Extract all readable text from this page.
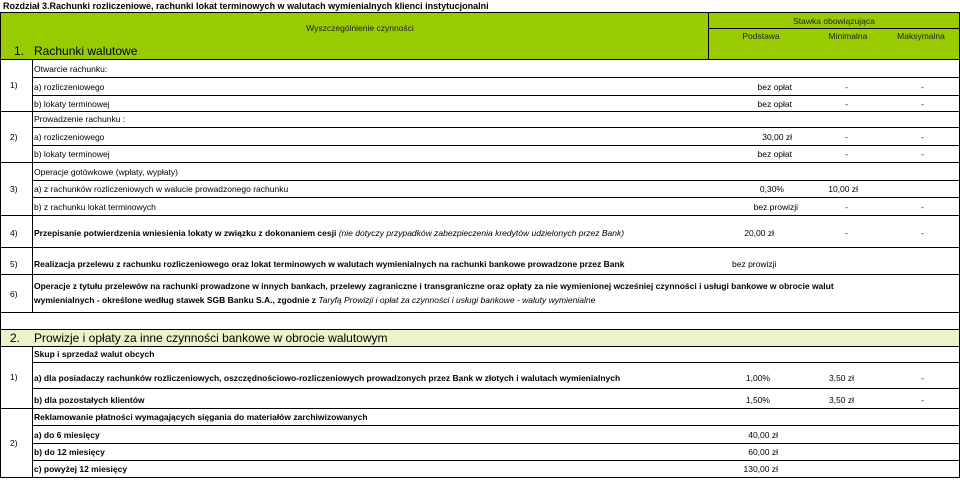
Rozdział 3.Rachunki rozliczeniowe, rachunki lokat terminowych w walutach wymienialnych klienci instytucjonalni
Wyszczególnienie czynności
Stawka obowiązująca
Podstawa	Minimalna	Maksymalna
1. Rachunki walutowe
1)
Otwarcie rachunku:
a) rozliczeniowego	bez opłat	-	-
b) lokaty terminowej	bez opłat	-	-
2)
Prowadzenie rachunku :
a) rozliczeniowego	30,00 zł	-	-
b) lokaty terminowej	bez opłat	-	-
3)
Operacje gotówkowe (wpłaty, wypłaty)
a) z rachunków rozliczeniowych w walucie prowadzonego rachunku	0,30%	10,00 zł
b) z rachunku lokat terminowych	bez prowizji	-	-
4)	Przepisanie potwierdzenia wniesienia lokaty w związku z dokonaniem cesji (nie dotyczy przypadków zabezpieczenia kredytów udzielonych przez Bank)	20,00 zł	-	-
5)	Realizacja przelewu z rachunku rozliczeniowego oraz lokat terminowych w walutach wymienialnych na rachunki bankowe prowadzone przez Bank	bez prowizji
6)
Operacje z tytułu przelewów na rachunki prowadzone w innych bankach, przelewy zagraniczne i transgraniczne oraz opłaty za nie wymienionej wcześniej czynności i usługi bankowe w obrocie walut
wymienialnych - określone według stawek SGB Banku S.A., zgodnie z Taryfą Prowizji i opłat za czynności i usługi bankowe - waluty wymienialne
2.	Prowizje i opłaty za inne czynności bankowe w obrocie walutowym
1)
Skup i sprzedaż walut obcych
a) dla posiadaczy rachunków rozliczeniowych, oszczędnościowo-rozliczeniowych prowadzonych przez Bank w złotych i walutach wymienialnych	1,00%	3,50 zł	-
b) dla pozostałych klientów	1,50%	3,50 zł	-
2)
Reklamowanie płatności wymagających sięgania do materiałów zarchiwizowanych
a) do 6 miesięcy	40,00 zł
b) do 12 miesięcy	60,00 zł
c) powyżej 12 miesięcy	130,00 zł
